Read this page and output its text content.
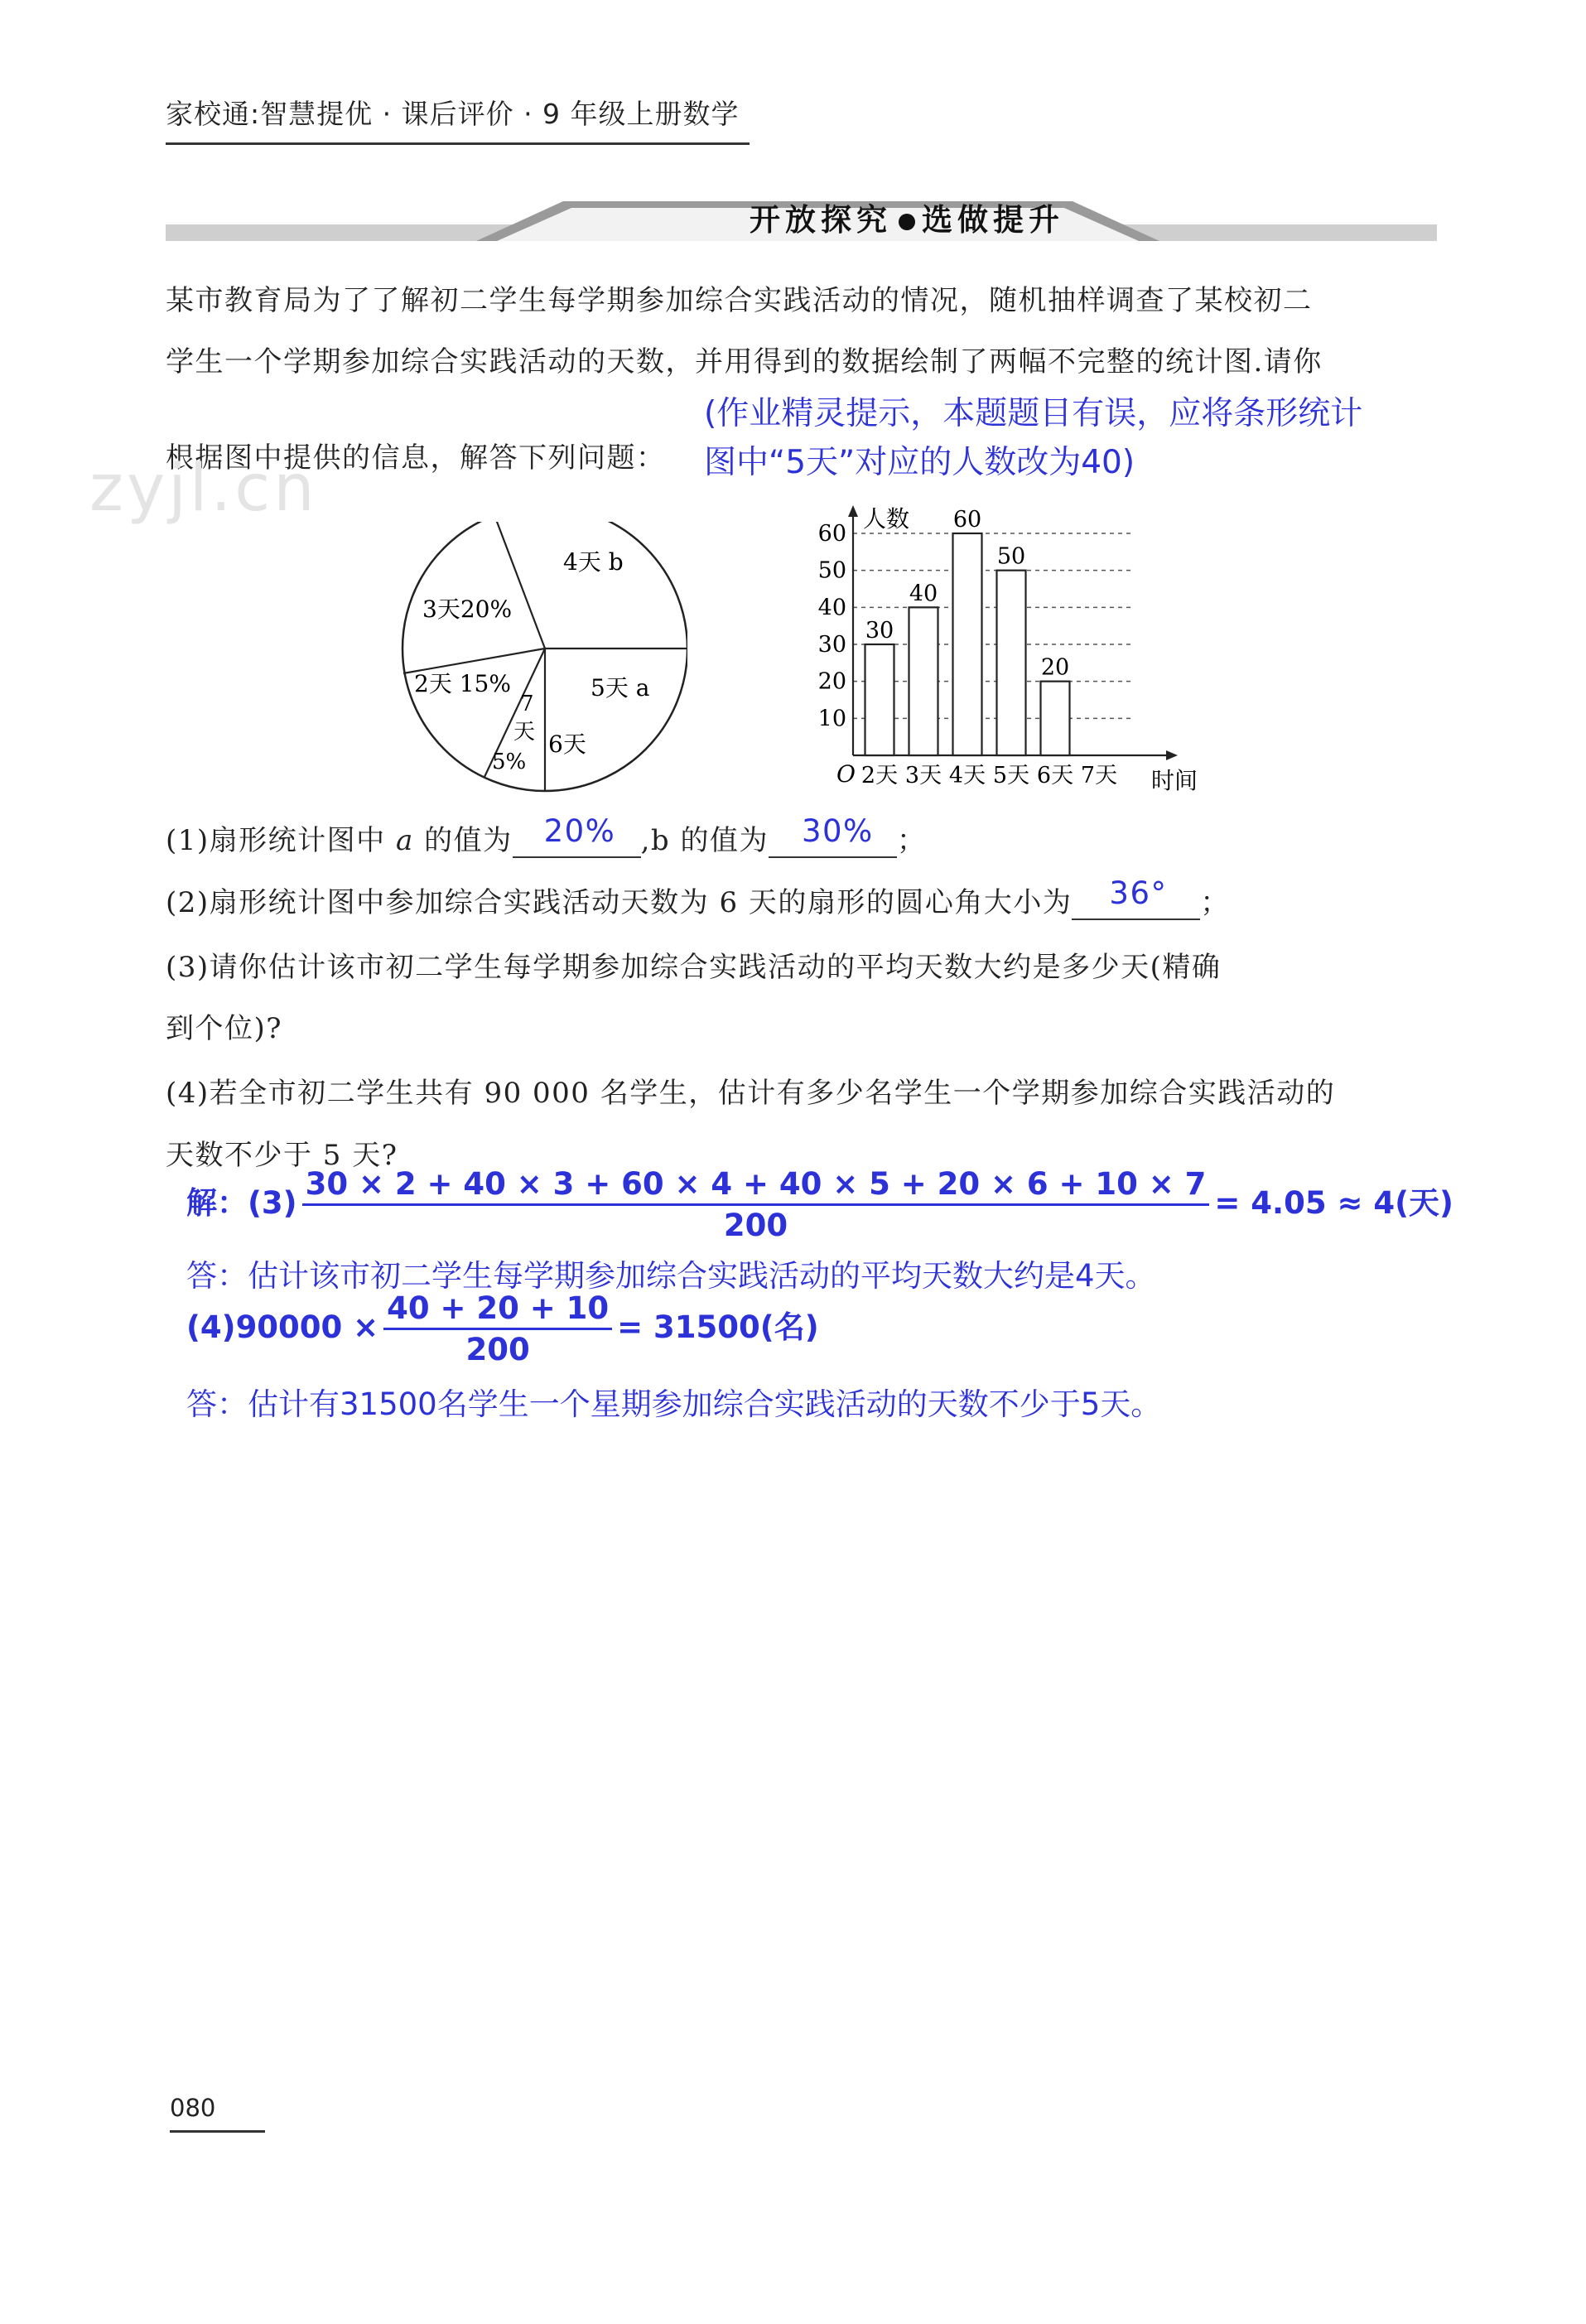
家校通:智慧提优 · 课后评价 · 9 年级上册数学
开放探究 选做提升
某市教育局为了了解初二学生每学期参加综合实践活动的情况，随机抽样调查了某校初二
学生一个学期参加综合实践活动的天数，并用得到的数据绘制了两幅不完整的统计图.请你
根据图中提供的信息，解答下列问题：
(作业精灵提示，本题题目有误，应将条形统计
图中“5天”对应的人数改为40)
zyjl.cn
4天 b
3天20%
2天 15%
7
天
5%
6天
5天 a
10
20
30
40
50
60
30
2天
40
3天
60
4天
50
5天
20
6天 7天
人数
时间
O
(1)扇形统计图中 a 的值为 20% ,b 的值为 30% ；
(2)扇形统计图中参加综合实践活动天数为 6 天的扇形的圆心角大小为 36° ；
(3)请你估计该市初二学生每学期参加综合实践活动的平均天数大约是多少天(精确
到个位)?
(4)若全市初二学生共有 90 000 名学生，估计有多少名学生一个学期参加综合实践活动的
天数不少于 5 天?
解：$(3) \frac{30 \times 2 + 40 \times 3 + 60 \times 4 + 40 \times 5 + 20 \times 6 + 10 \times 7}{200} = 4.05 \approx 4$(天)
答：估计该市初二学生每学期参加综合实践活动的平均天数大约是4天。
$(4)90000 \times \frac{40 + 20 + 10}{200} = 31500$(名)
答：估计有31500名学生一个星期参加综合实践活动的天数不少于5天。
080
